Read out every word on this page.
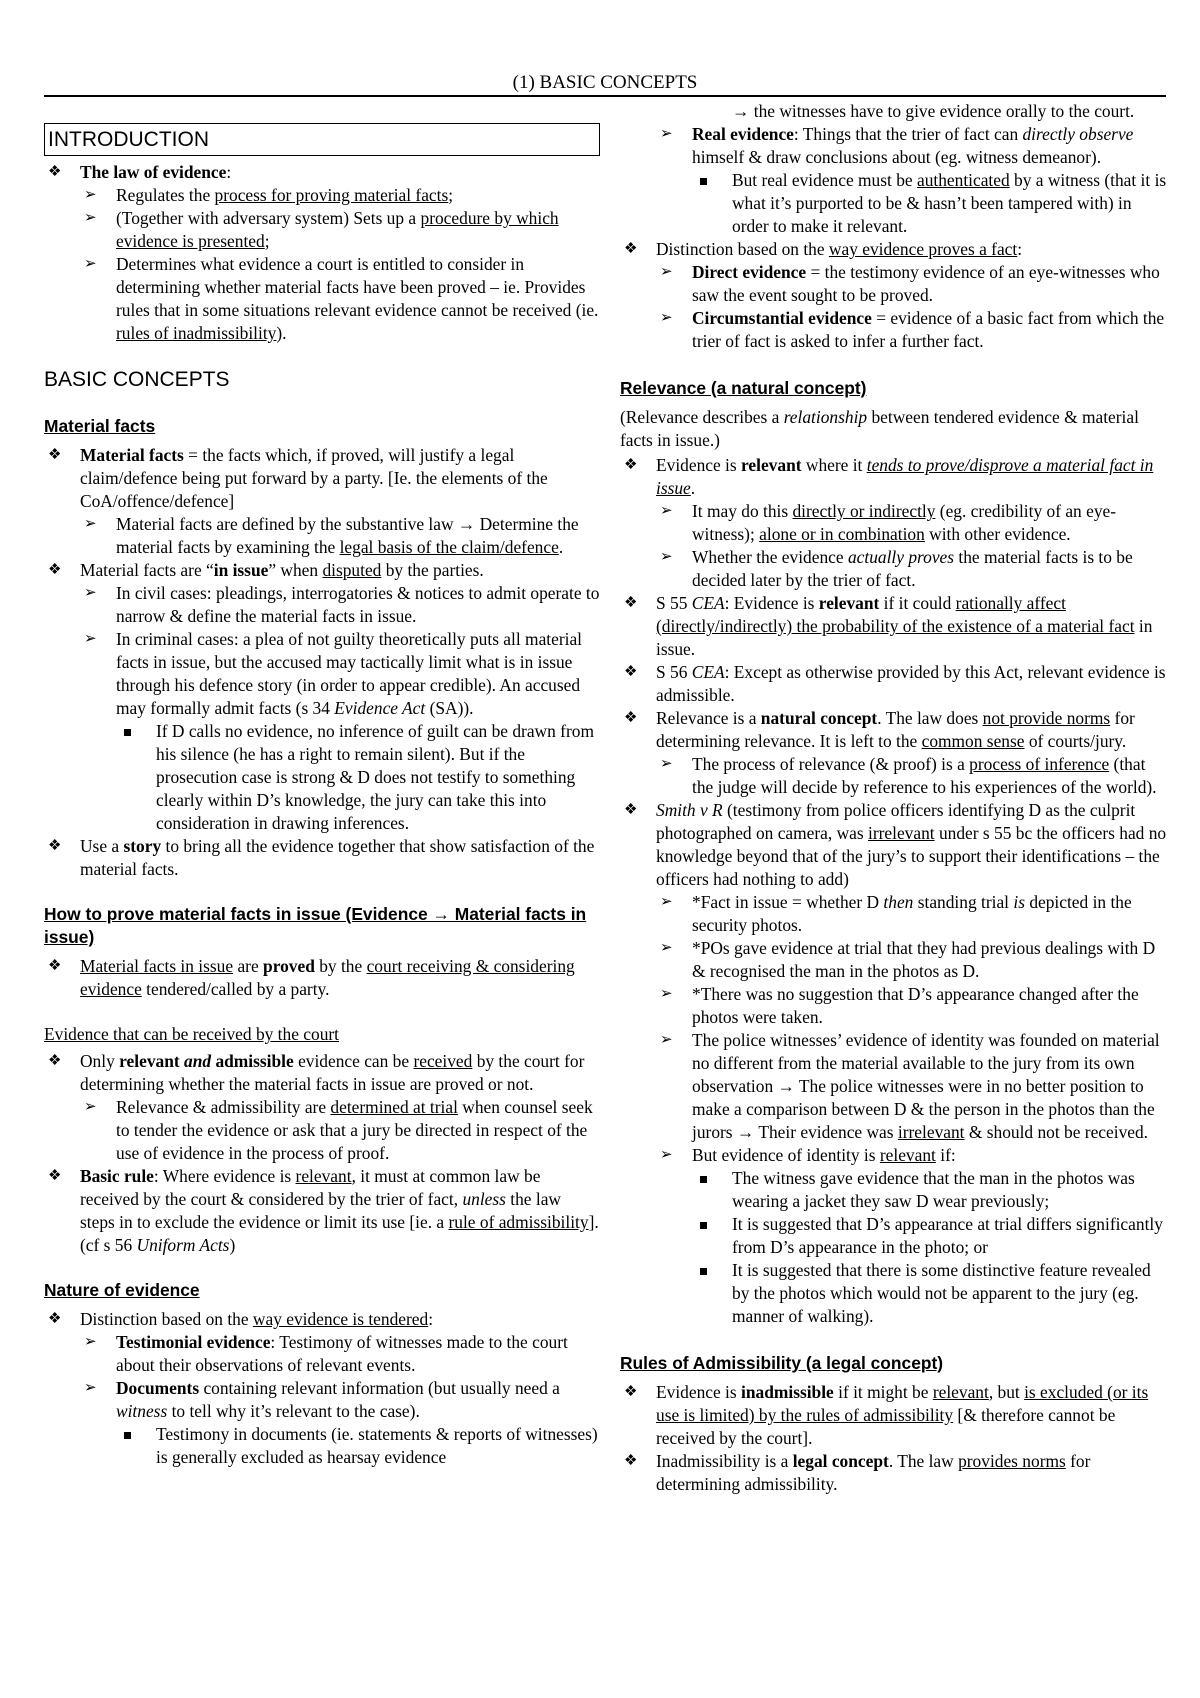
(1) BASIC CONCEPTS
INTRODUCTION
❖ The law of evidence:
➢ Regulates the process for proving material facts;
➢ (Together with adversary system) Sets up a procedure by which evidence is presented;
➢ Determines what evidence a court is entitled to consider in determining whether material facts have been proved – ie. Provides rules that in some situations relevant evidence cannot be received (ie. rules of inadmissibility).
BASIC CONCEPTS
Material facts
❖ Material facts = the facts which, if proved, will justify a legal claim/defence being put forward by a party. [Ie. the elements of the CoA/offence/defence]
➢ Material facts are defined by the substantive law → Determine the material facts by examining the legal basis of the claim/defence.
❖ Material facts are “in issue” when disputed by the parties.
➢ In civil cases: pleadings, interrogatories & notices to admit operate to narrow & define the material facts in issue.
➢ In criminal cases: a plea of not guilty theoretically puts all material facts in issue, but the accused may tactically limit what is in issue through his defence story (in order to appear credible). An accused may formally admit facts (s 34 Evidence Act (SA)).
If D calls no evidence, no inference of guilt can be drawn from his silence (he has a right to remain silent). But if the prosecution case is strong & D does not testify to something clearly within D’s knowledge, the jury can take this into consideration in drawing inferences.
❖ Use a story to bring all the evidence together that show satisfaction of the material facts.
How to prove material facts in issue (Evidence → Material facts in issue)
❖ Material facts in issue are proved by the court receiving & considering evidence tendered/called by a party.
Evidence that can be received by the court
❖ Only relevant and admissible evidence can be received by the court for determining whether the material facts in issue are proved or not.
➢ Relevance & admissibility are determined at trial when counsel seek to tender the evidence or ask that a jury be directed in respect of the use of evidence in the process of proof.
❖ Basic rule: Where evidence is relevant, it must at common law be received by the court & considered by the trier of fact, unless the law steps in to exclude the evidence or limit its use [ie. a rule of admissibility]. (cf s 56 Uniform Acts)
Nature of evidence
❖ Distinction based on the way evidence is tendered:
➢ Testimonial evidence: Testimony of witnesses made to the court about their observations of relevant events.
➢ Documents containing relevant information (but usually need a witness to tell why it’s relevant to the case).
Testimony in documents (ie. statements & reports of witnesses) is generally excluded as hearsay evidence
→ the witnesses have to give evidence orally to the court.
➢ Real evidence: Things that the trier of fact can directly observe himself & draw conclusions about (eg. witness demeanor).
But real evidence must be authenticated by a witness (that it is what it’s purported to be & hasn’t been tampered with) in order to make it relevant.
❖ Distinction based on the way evidence proves a fact:
➢ Direct evidence = the testimony evidence of an eye-witnesses who saw the event sought to be proved.
➢ Circumstantial evidence = evidence of a basic fact from which the trier of fact is asked to infer a further fact.
Relevance (a natural concept)
(Relevance describes a relationship between tendered evidence & material facts in issue.)
❖ Evidence is relevant where it tends to prove/disprove a material fact in issue.
➢ It may do this directly or indirectly (eg. credibility of an eye-witness); alone or in combination with other evidence.
➢ Whether the evidence actually proves the material facts is to be decided later by the trier of fact.
❖ S 55 CEA: Evidence is relevant if it could rationally affect (directly/indirectly) the probability of the existence of a material fact in issue.
❖ S 56 CEA: Except as otherwise provided by this Act, relevant evidence is admissible.
❖ Relevance is a natural concept. The law does not provide norms for determining relevance. It is left to the common sense of courts/jury.
➢ The process of relevance (& proof) is a process of inference (that the judge will decide by reference to his experiences of the world).
❖ Smith v R (testimony from police officers identifying D as the culprit photographed on camera, was irrelevant under s 55 bc the officers had no knowledge beyond that of the jury’s to support their identifications – the officers had nothing to add)
➢ *Fact in issue = whether D then standing trial is depicted in the security photos.
➢ *POs gave evidence at trial that they had previous dealings with D & recognised the man in the photos as D.
➢ *There was no suggestion that D’s appearance changed after the photos were taken.
➢ The police witnesses’ evidence of identity was founded on material no different from the material available to the jury from its own observation → The police witnesses were in no better position to make a comparison between D & the person in the photos than the jurors → Their evidence was irrelevant & should not be received.
➢ But evidence of identity is relevant if:
The witness gave evidence that the man in the photos was wearing a jacket they saw D wear previously;
It is suggested that D’s appearance at trial differs significantly from D’s appearance in the photo; or
It is suggested that there is some distinctive feature revealed by the photos which would not be apparent to the jury (eg. manner of walking).
Rules of Admissibility (a legal concept)
❖ Evidence is inadmissible if it might be relevant, but is excluded (or its use is limited) by the rules of admissibility [& therefore cannot be received by the court].
❖ Inadmissibility is a legal concept. The law provides norms for determining admissibility.
